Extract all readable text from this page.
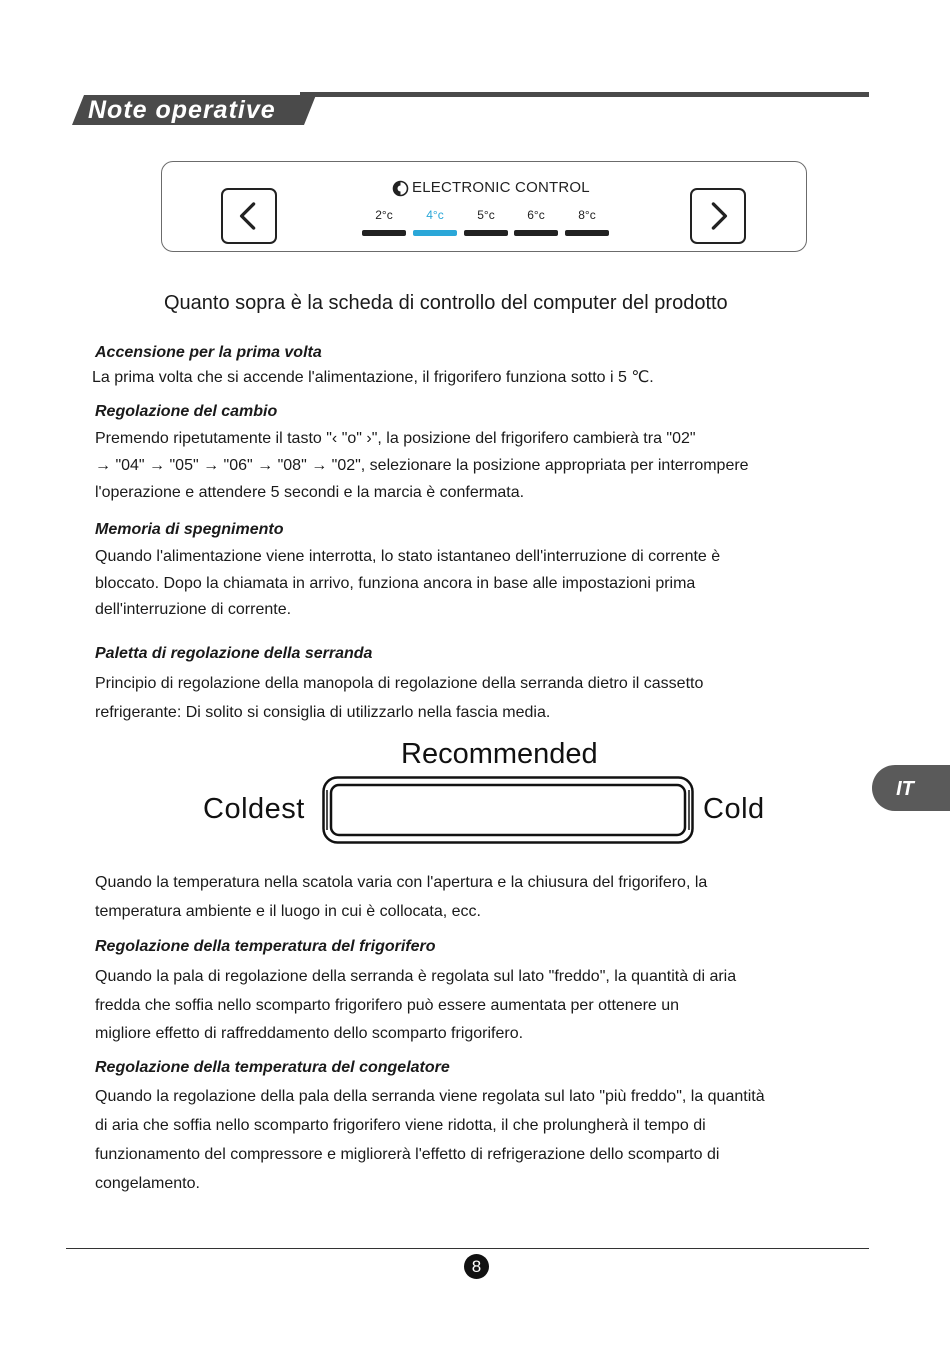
Note operative
ELECTRONIC CONTROL
2°c	4°c	5°c	6°c	8°c
Quanto sopra è la scheda di controllo del computer del prodotto
Accensione per la prima volta
La prima volta che si accende l'alimentazione, il frigorifero funziona sotto i 5 ℃.
Regolazione del cambio
Premendo ripetutamente il tasto "‹ "o" ›", la posizione del frigorifero cambierà tra "02"
→ "04" → "05" → "06" → "08" → "02", selezionare la posizione appropriata per interrompere
l'operazione e attendere 5 secondi e la marcia è confermata.
Memoria di spegnimento
Quando l'alimentazione viene interrotta, lo stato istantaneo dell'interruzione di corrente è
bloccato. Dopo la chiamata in arrivo, funziona ancora in base alle impostazioni prima
dell'interruzione di corrente.
Paletta di regolazione della serranda
Principio di regolazione della manopola di regolazione della serranda dietro il cassetto
refrigerante: Di solito si consiglia di utilizzarlo nella fascia media.
Recommended
Coldest	Cold
Quando la temperatura nella scatola varia con l'apertura e la chiusura del frigorifero, la
temperatura ambiente e il luogo in cui è collocata, ecc.
Regolazione della temperatura del frigorifero
Quando la pala di regolazione della serranda è regolata sul lato "freddo", la quantità di aria
fredda che soffia nello scomparto frigorifero può essere aumentata per ottenere un
migliore effetto di raffreddamento dello scomparto frigorifero.
Regolazione della temperatura del congelatore
Quando la regolazione della pala della serranda viene regolata sul lato "più freddo", la quantità
di aria che soffia nello scomparto frigorifero viene ridotta, il che prolungherà il tempo di
funzionamento del compressore e migliorerà l'effetto di refrigerazione dello scomparto di
congelamento.
IT
8
